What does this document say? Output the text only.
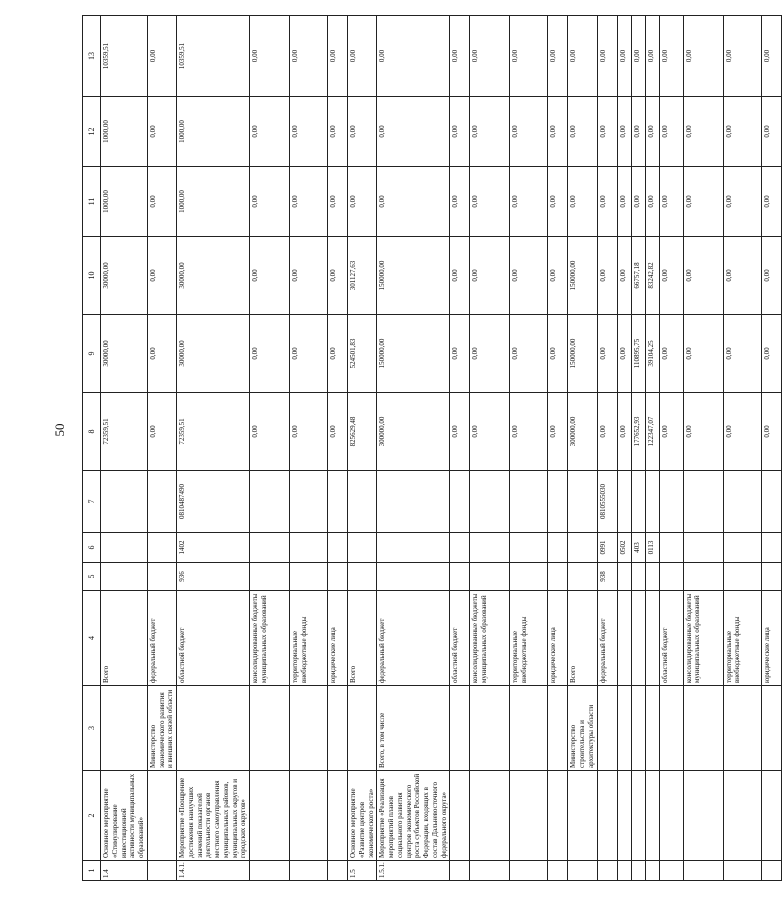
50
1	2	3	4	5	6	7	8	9	10	11	12	13
1.4	Основное мероприятие «Стимулирование инвестиционной активности муниципальных образований»		Всего				72359,51	30000,00	30000,00	1000,00	1000,00	10359,51
		Министерство экономического развития и внешних связей области	федеральный бюджет				0,00	0,00	0,00	0,00	0,00	0,00
1.4.1.	Мероприятие «Поощрение достижения наилучших значений показателей деятельности органов местного самоуправления муниципальных районов, муниципальных округов и городских округов»		областной бюджет	936	1402	0810487490	72359,51	30000,00	30000,00	1000,00	1000,00	10359,51
			консолидированные бюджеты муниципальных образований				0,00	0,00	0,00	0,00	0,00	0,00
			территориальные внебюджетные фонды				0,00	0,00	0,00	0,00	0,00	0,00
			юридические лица				0,00	0,00	0,00	0,00	0,00	0,00
1.5	Основное мероприятие «Развитие центров экономического роста»		Всего				825629,48	524501,83	301127,63	0,00	0,00	0,00
1.5.1.	Мероприятие «Реализация мероприятий планов социального развития центров экономического роста субъектов Российской Федерации, входящих в состав Дальневосточного федерального округа»	Всего, в том числе	федеральный бюджет				300000,00	150000,00	150000,00	0,00	0,00	0,00
			областной бюджет				0,00	0,00	0,00	0,00	0,00	0,00
			консолидированные бюджеты муниципальных образований				0,00	0,00	0,00	0,00	0,00	0,00
			территориальные внебюджетные фонды				0,00	0,00	0,00	0,00	0,00	0,00
			юридические лица				0,00	0,00	0,00	0,00	0,00	0,00
		Министерство строительства и архитектуры области	Всего				300000,00	150000,00	150000,00	0,00	0,00	0,00
			федеральный бюджет	938	0991	0810555030	0,00	0,00	0,00	0,00	0,00	0,00
					0502		0,00	0,00	0,00	0,00	0,00	0,00
					403		177652,93	110895,75	66757,18	0,00	0,00	0,00
					0113		122347,07	39104,25	83242,82	0,00	0,00	0,00
			областной бюджет				0,00	0,00	0,00	0,00	0,00	0,00
			консолидированные бюджеты муниципальных образований				0,00	0,00	0,00	0,00	0,00	0,00
			территориальные внебюджетные фонды				0,00	0,00	0,00	0,00	0,00	0,00
			юридические лица				0,00	0,00	0,00	0,00	0,00	0,00
